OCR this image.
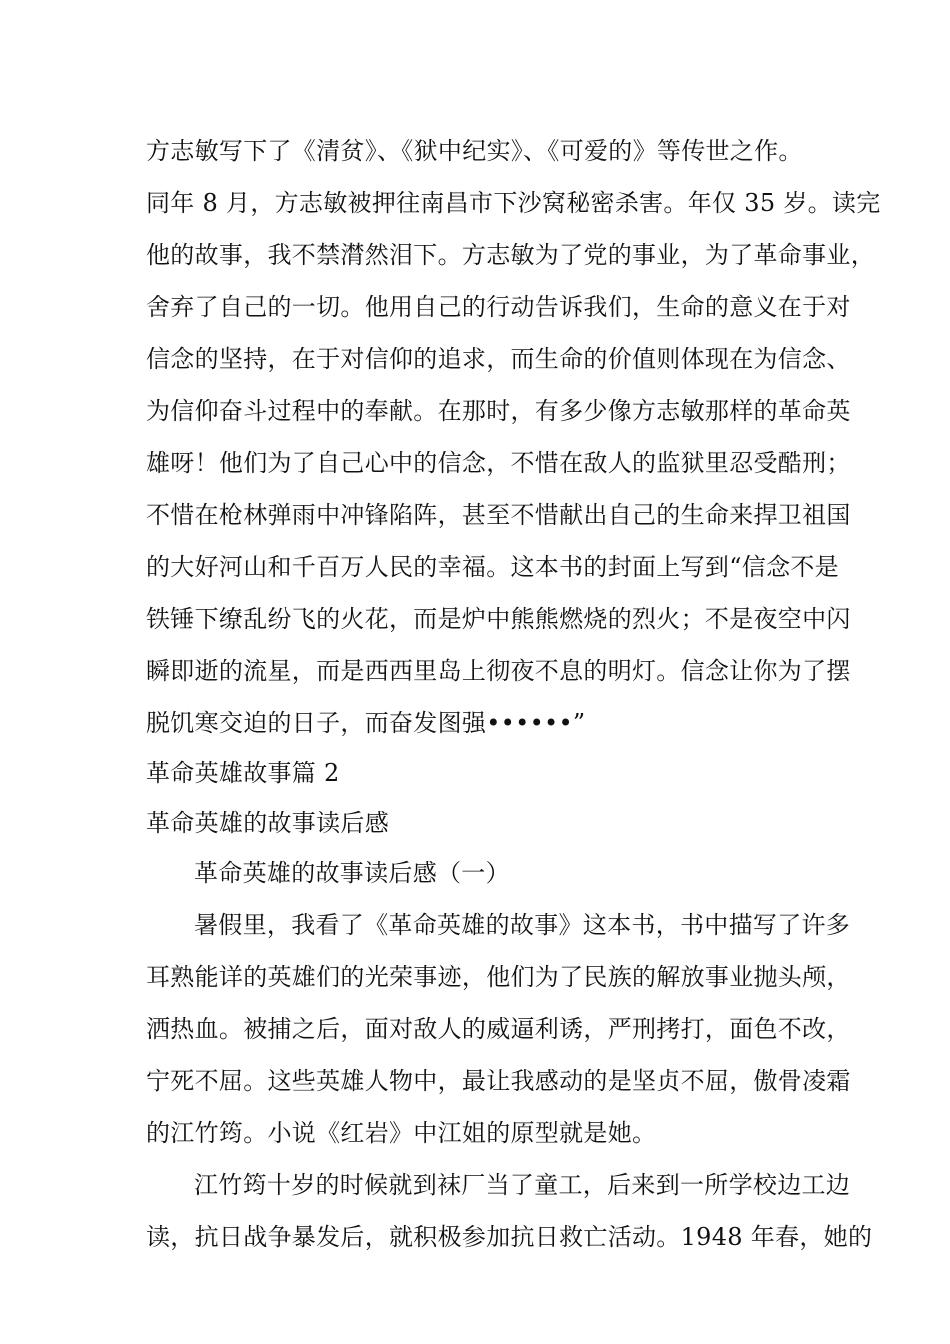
方志敏写下了《清贫》、《狱中纪实》、《可爱的》等传世之作。
同年 8 月，方志敏被押往南昌市下沙窝秘密杀害。年仅 35 岁。读完
他的故事，我不禁潸然泪下。方志敏为了党的事业，为了革命事业，
舍弃了自己的一切。他用自己的行动告诉我们，生命的意义在于对
信念的坚持，在于对信仰的追求，而生命的价值则体现在为信念、
为信仰奋斗过程中的奉献。在那时，有多少像方志敏那样的革命英
雄呀！他们为了自己心中的信念，不惜在敌人的监狱里忍受酷刑；
不惜在枪林弹雨中冲锋陷阵，甚至不惜献出自己的生命来捍卫祖国
的大好河山和千百万人民的幸福。这本书的封面上写到“信念不是
铁锤下缭乱纷飞的火花，而是炉中熊熊燃烧的烈火；不是夜空中闪
瞬即逝的流星，而是西西里岛上彻夜不息的明灯。信念让你为了摆
脱饥寒交迫的日子，而奋发图强••••••”
革命英雄故事篇 2
革命英雄的故事读后感
革命英雄的故事读后感（一）
暑假里，我看了《革命英雄的故事》这本书，书中描写了许多
耳熟能详的英雄们的光荣事迹，他们为了民族的解放事业抛头颅，
洒热血。被捕之后，面对敌人的威逼利诱，严刑拷打，面色不改，
宁死不屈。这些英雄人物中，最让我感动的是坚贞不屈，傲骨凌霜
的江竹筠。小说《红岩》中江姐的原型就是她。
江竹筠十岁的时候就到袜厂当了童工，后来到一所学校边工边
读，抗日战争暴发后，就积极参加抗日救亡活动。1948 年春，她的
